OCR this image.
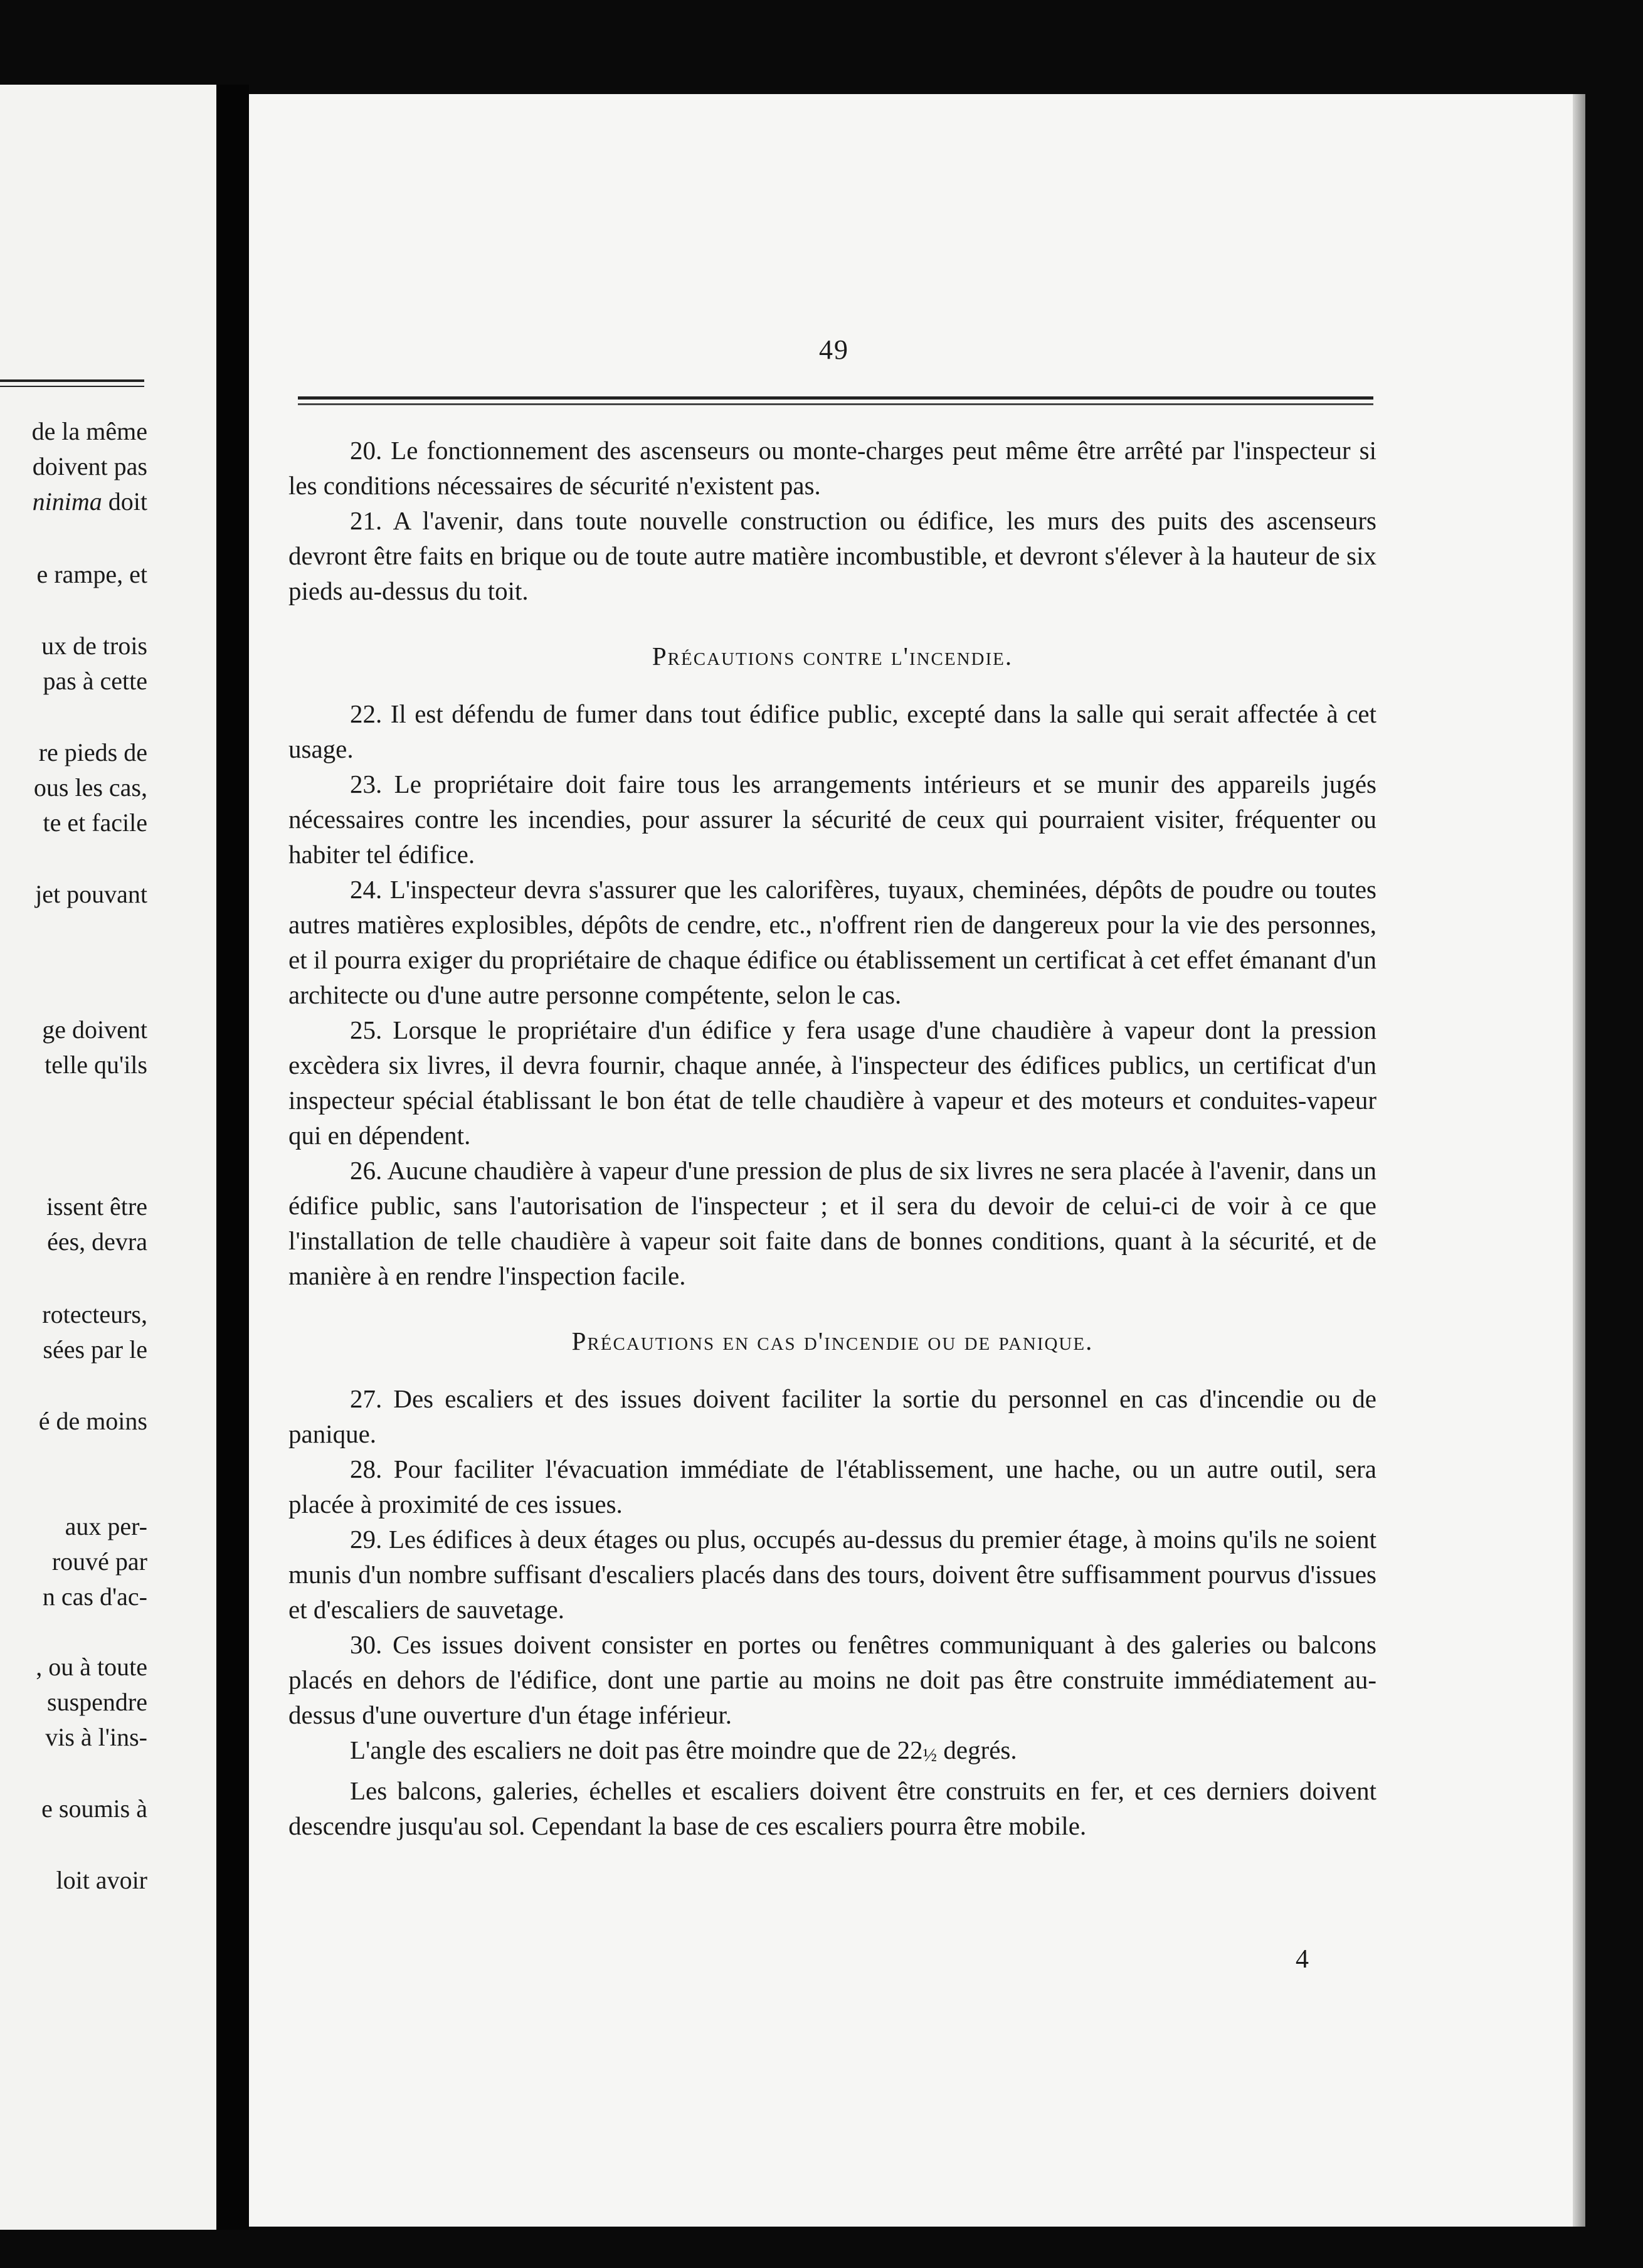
de la même
doivent pas
ninima doit
e rampe, et
ux de trois
pas à cette
re pieds de
ous les cas,
te et facile
jet pouvant
ge doivent
telle qu'ils
issent être
ées, devra
rotecteurs,
sées par le
é de moins
aux per-
rouvé par
n cas d'ac-
, ou à toute
suspendre
vis à l'ins-
e soumis à
loit avoir
49

20. Le fonctionnement des ascenseurs ou monte-charges peut même être arrêté par l'inspecteur si les conditions nécessaires de sécurité n'existent pas.

21. A l'avenir, dans toute nouvelle construction ou édifice, les murs des puits des ascenseurs devront être faits en brique ou de toute autre matière incombustible, et devront s'élever à la hauteur de six pieds au-dessus du toit.

Précautions contre l'incendie.

22. Il est défendu de fumer dans tout édifice public, excepté dans la salle qui serait affectée à cet usage.

23. Le propriétaire doit faire tous les arrangements intérieurs et se munir des appareils jugés nécessaires contre les incendies, pour assurer la sécurité de ceux qui pourraient visiter, fréquenter ou habiter tel édifice.

24. L'inspecteur devra s'assurer que les calorifères, tuyaux, cheminées, dépôts de poudre ou toutes autres matières explosibles, dépôts de cendre, etc., n'offrent rien de dangereux pour la vie des personnes, et il pourra exiger du propriétaire de chaque édifice ou établissement un certificat à cet effet émanant d'un architecte ou d'une autre personne compétente, selon le cas.

25. Lorsque le propriétaire d'un édifice y fera usage d'une chaudière à vapeur dont la pression excèdera six livres, il devra fournir, chaque année, à l'inspecteur des édifices publics, un certificat d'un inspecteur spécial établissant le bon état de telle chaudière à vapeur et des moteurs et conduites-vapeur qui en dépendent.

26. Aucune chaudière à vapeur d'une pression de plus de six livres ne sera placée à l'avenir, dans un édifice public, sans l'autorisation de l'inspecteur ; et il sera du devoir de celui-ci de voir à ce que l'installation de telle chaudière à vapeur soit faite dans de bonnes conditions, quant à la sécurité, et de manière à en rendre l'inspection facile.

Précautions en cas d'incendie ou de panique.

27. Des escaliers et des issues doivent faciliter la sortie du personnel en cas d'incendie ou de panique.

28. Pour faciliter l'évacuation immédiate de l'établissement, une hache, ou un autre outil, sera placée à proximité de ces issues.

29. Les édifices à deux étages ou plus, occupés au-dessus du premier étage, à moins qu'ils ne soient munis d'un nombre suffisant d'escaliers placés dans des tours, doivent être suffisamment pourvus d'issues et d'escaliers de sauvetage.

30. Ces issues doivent consister en portes ou fenêtres communiquant à des galeries ou balcons placés en dehors de l'édifice, dont une partie au moins ne doit pas être construite immédiatement au-dessus d'une ouverture d'un étage inférieur.

L'angle des escaliers ne doit pas être moindre que de 22½ degrés.

Les balcons, galeries, échelles et escaliers doivent être construits en fer, et ces derniers doivent descendre jusqu'au sol. Cependant la base de ces escaliers pourra être mobile.

4
